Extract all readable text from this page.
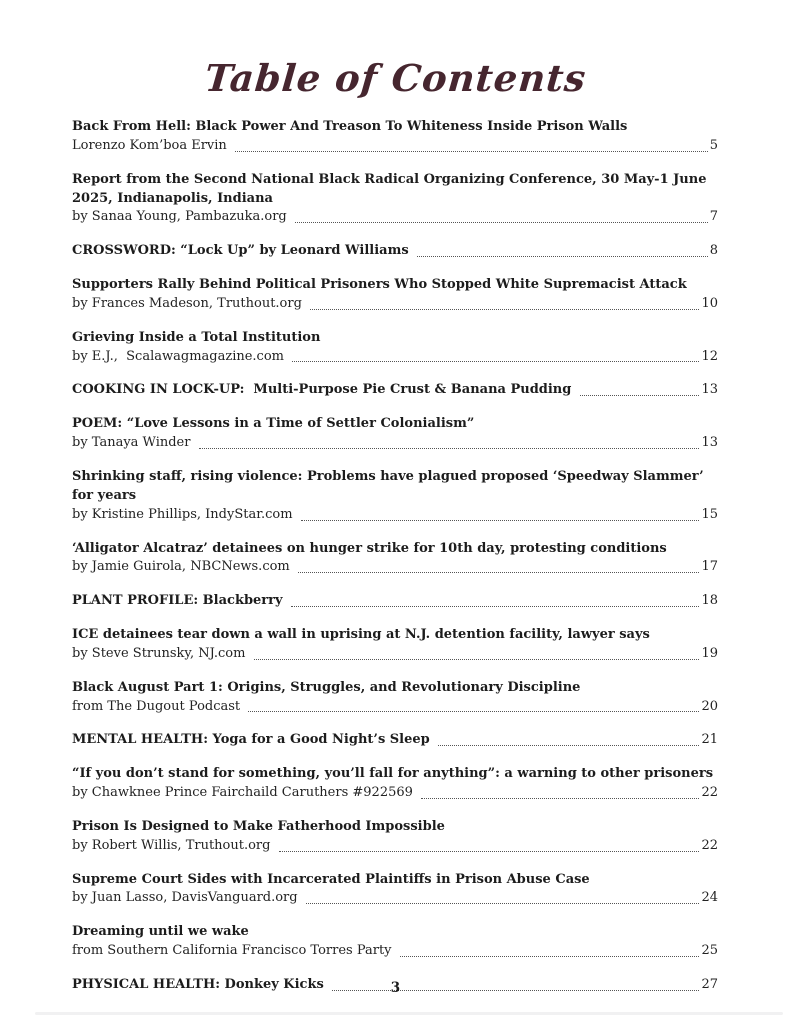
Table of Contents
Back From Hell: Black Power And Treason To Whiteness Inside Prison Walls
Lorenzo Kom’boa Ervin	5
Report from the Second National Black Radical Organizing Conference, 30 May-1 June 2025, Indianapolis, Indiana
by Sanaa Young, Pambazuka.org	7
CROSSWORD: “Lock Up” by Leonard Williams	8
Supporters Rally Behind Political Prisoners Who Stopped White Supremacist Attack
by Frances Madeson, Truthout.org	10
Grieving Inside a Total Institution
by E.J.,  Scalawagmagazine.com	12
COOKING IN LOCK-UP:  Multi-Purpose Pie Crust & Banana Pudding	13
POEM: “Love Lessons in a Time of Settler Colonialism”
by Tanaya Winder	13
Shrinking staff, rising violence: Problems have plagued proposed ‘Speedway Slammer’ for years
by Kristine Phillips, IndyStar.com	15
‘Alligator Alcatraz’ detainees on hunger strike for 10th day, protesting conditions
by Jamie Guirola, NBCNews.com	17
PLANT PROFILE: Blackberry	18
ICE detainees tear down a wall in uprising at N.J. detention facility, lawyer says
by Steve Strunsky, NJ.com	19
Black August Part 1: Origins, Struggles, and Revolutionary Discipline
from The Dugout Podcast	20
MENTAL HEALTH: Yoga for a Good Night’s Sleep	21
“If you don’t stand for something, you’ll fall for anything”: a warning to other prisoners
by Chawknee Prince Fairchaild Caruthers #922569	22
Prison Is Designed to Make Fatherhood Impossible
by Robert Willis, Truthout.org	22
Supreme Court Sides with Incarcerated Plaintiffs in Prison Abuse Case
by Juan Lasso, DavisVanguard.org	24
Dreaming until we wake
from Southern California Francisco Torres Party	25
PHYSICAL HEALTH: Donkey Kicks	27
3
